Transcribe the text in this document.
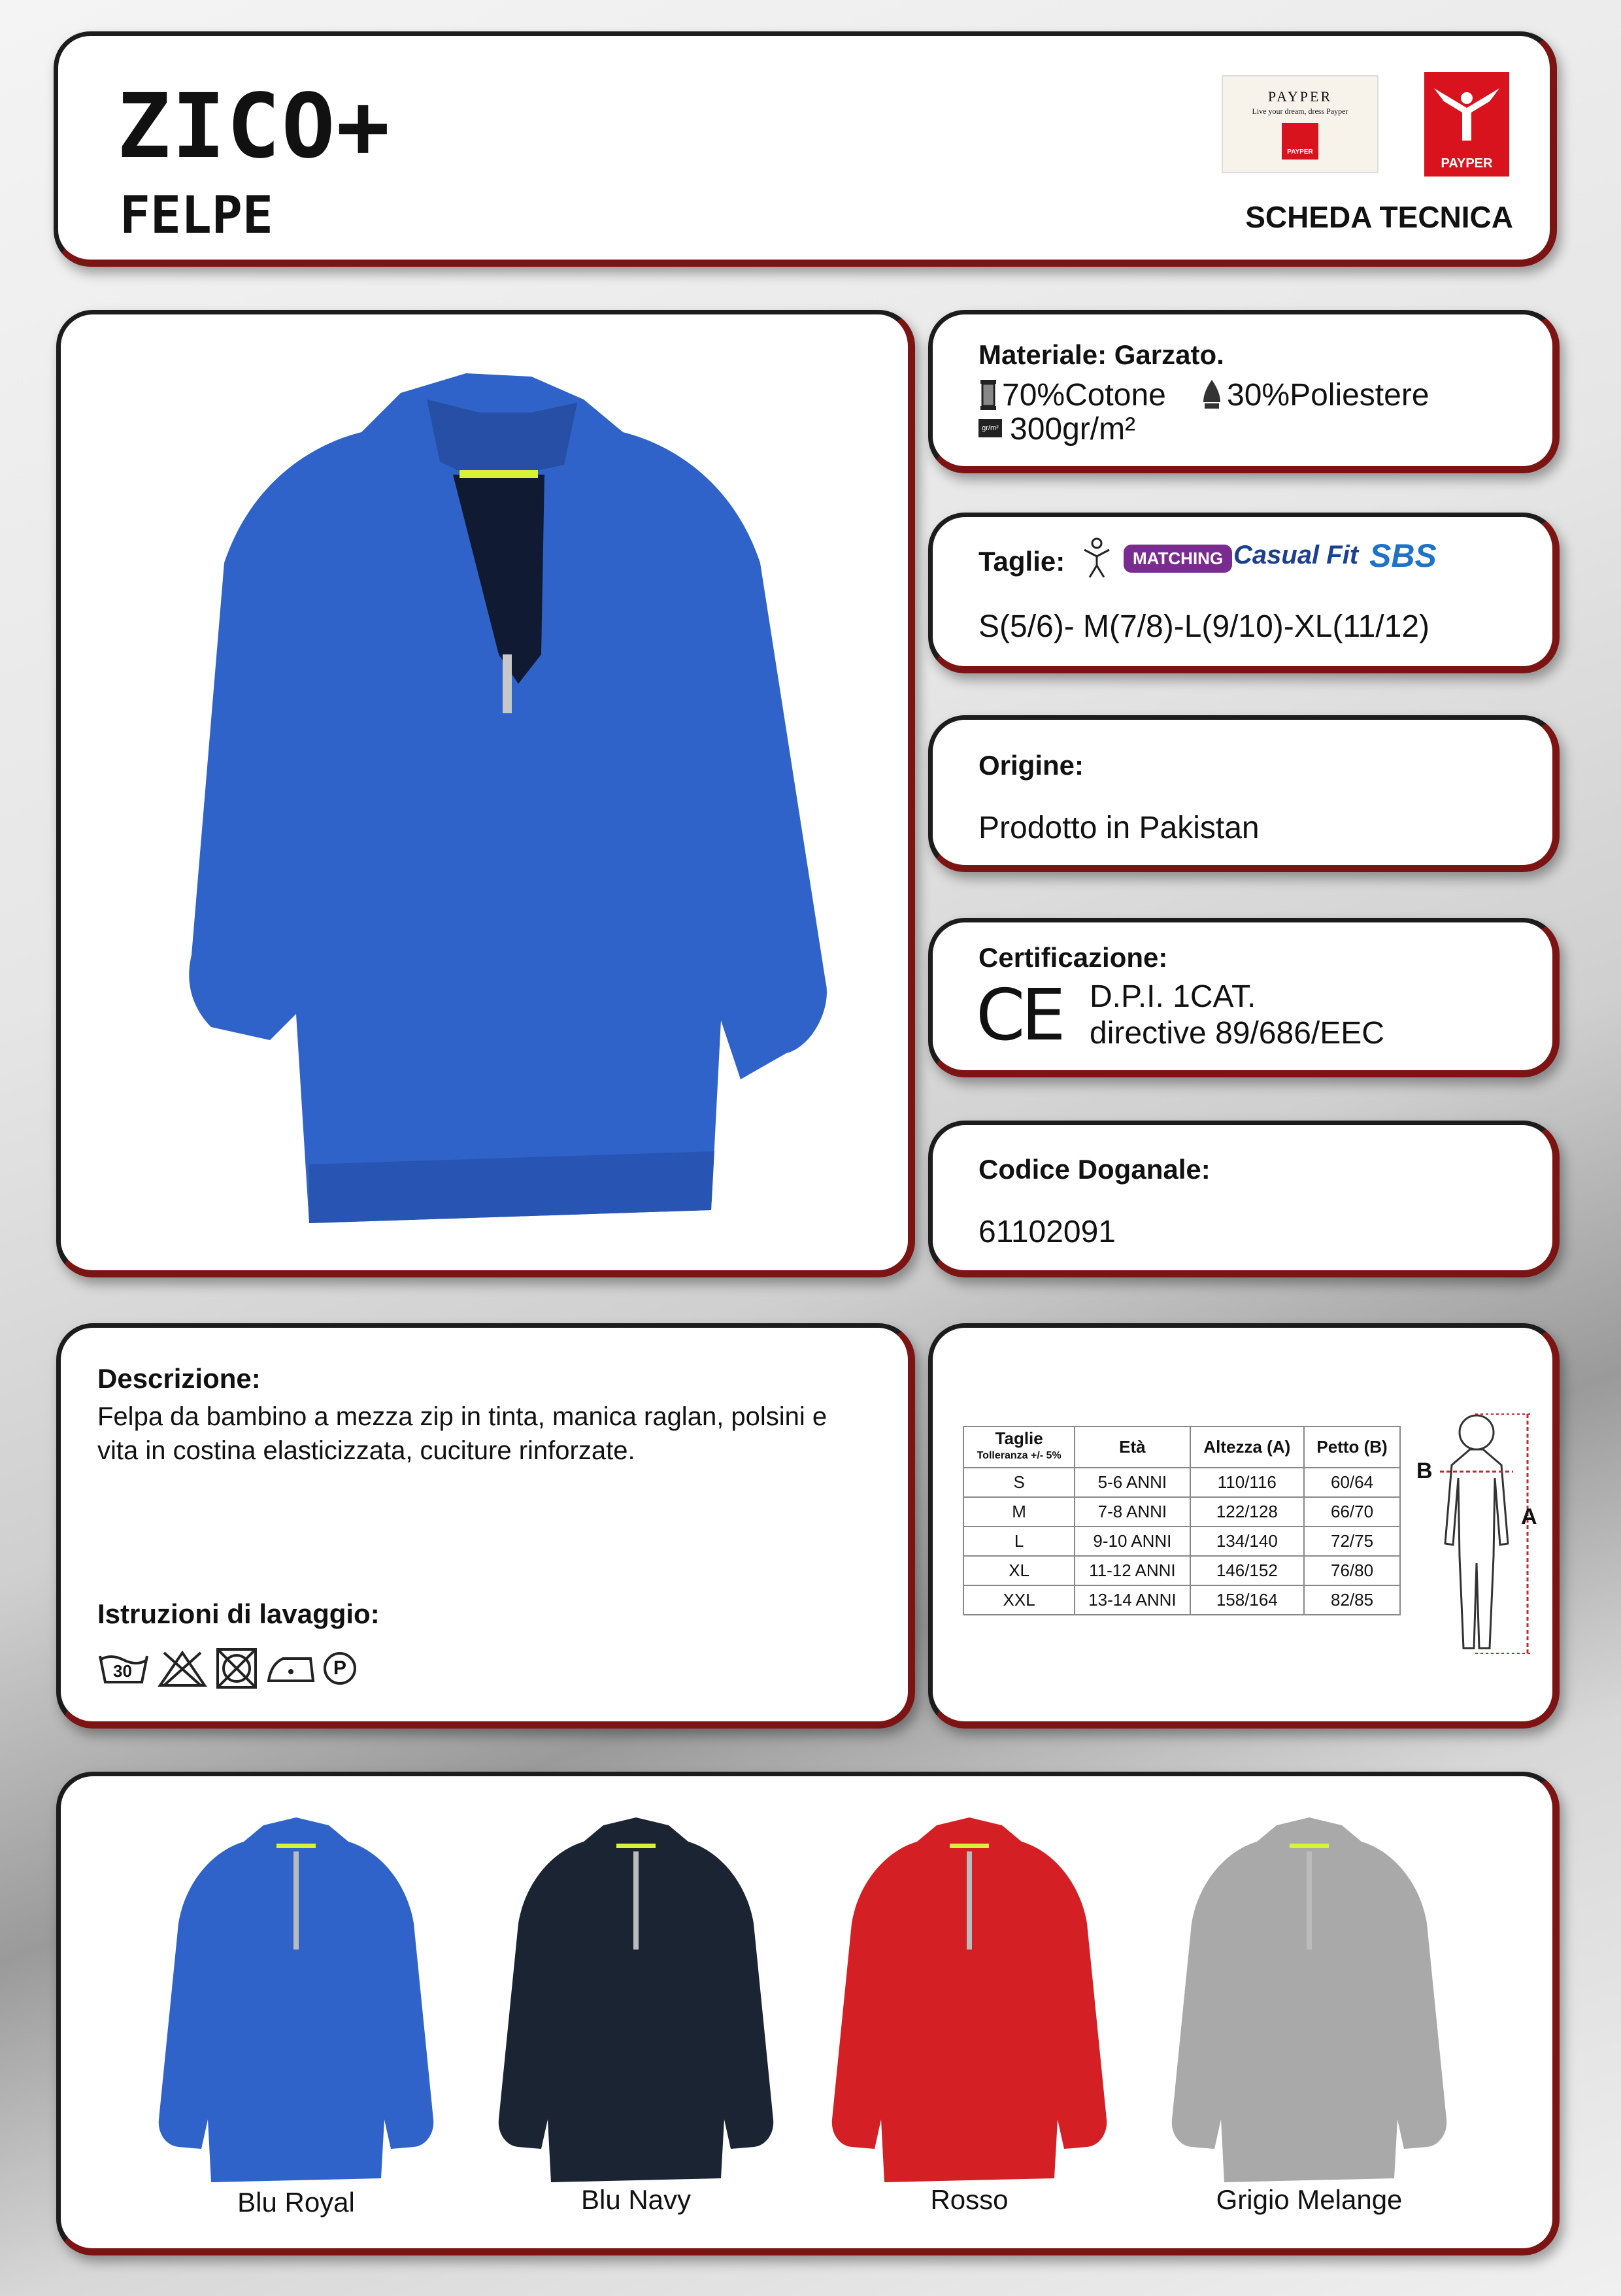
ZICO+
FELPE
PAYPER
Live your dream, dress Payper
PAYPER
PAYPER
SCHEDA TECNICA
Materiale: Garzato.
70%Cotone 30%Poliestere
gr/m² 300gr/m²
Taglie:	MATCHING Casual Fit SBS
S(5/6)- M(7/8)-L(9/10)-XL(11/12)
Origine:
Prodotto in Pakistan
Certificazione:
CE D.P.I. 1CAT.
directive 89/686/EEC
Codice Doganale:
61102091
Descrizione:
Felpa da bambino a mezza zip in tinta, manica raglan, polsini e vita in costina elasticizzata, cuciture rinforzate.
Istruzioni di lavaggio:
30	P
Taglie
Tolleranza +/- 5%	Età	Altezza (A)	Petto (B)
S	5-6 ANNI	110/116	60/64
M	7-8 ANNI	122/128	66/70
L	9-10 ANNI	134/140	72/75
XL	11-12 ANNI	146/152	76/80
XXL	13-14 ANNI	158/164	82/85
B
A
Blu Royal	Blu Navy	Rosso	Grigio Melange
